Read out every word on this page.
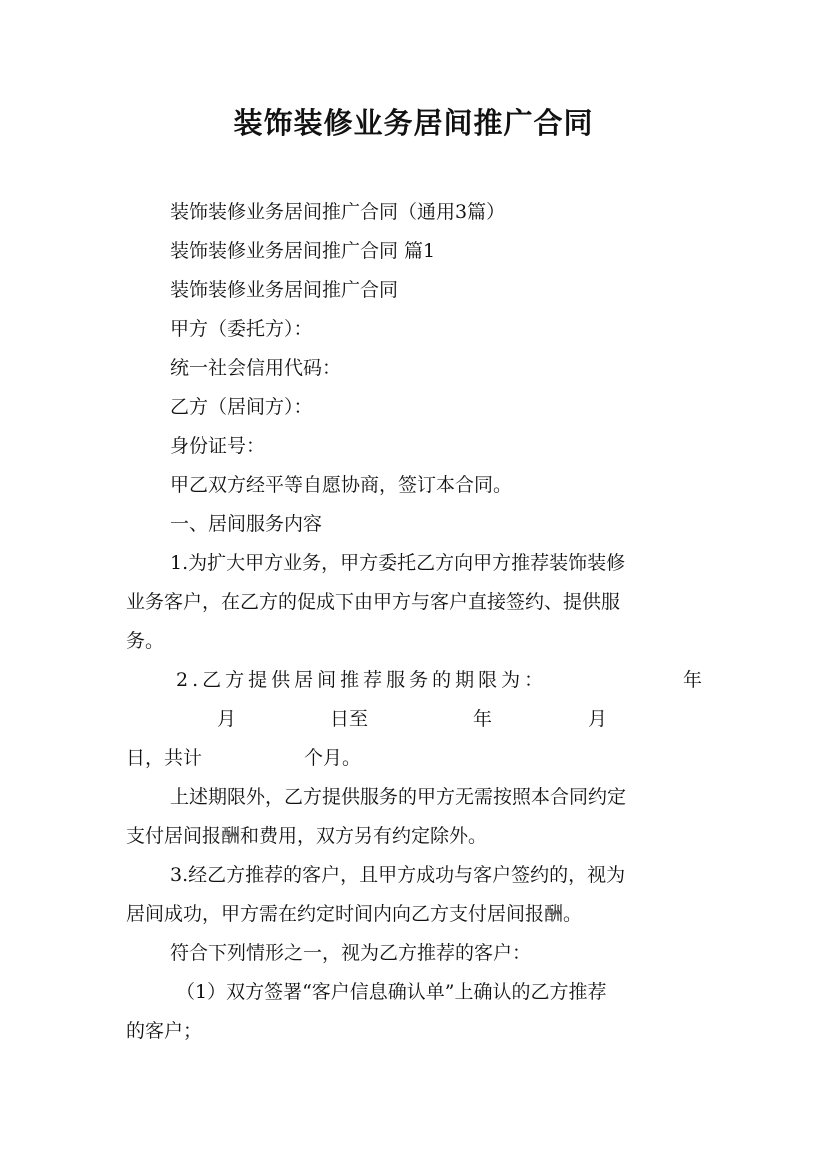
装饰装修业务居间推广合同
装饰装修业务居间推广合同（通用3篇）
装饰装修业务居间推广合同 篇1
装饰装修业务居间推广合同
甲方（委托方）：
统一社会信用代码：
乙方（居间方）：
身份证号：
甲乙双方经平等自愿协商，签订本合同。
一、居间服务内容
1.为扩大甲方业务，甲方委托乙方向甲方推荐装饰装修
业务客户，在乙方的促成下由甲方与客户直接签约、提供服
务。
2.乙方提供居间推荐服务的期限为：	年
月	日至	年	月
日，共计	个月。
上述期限外，乙方提供服务的甲方无需按照本合同约定
支付居间报酬和费用，双方另有约定除外。
3.经乙方推荐的客户，且甲方成功与客户签约的，视为
居间成功，甲方需在约定时间内向乙方支付居间报酬。
符合下列情形之一，视为乙方推荐的客户：
（1）双方签署“客户信息确认单”上确认的乙方推荐
的客户；
